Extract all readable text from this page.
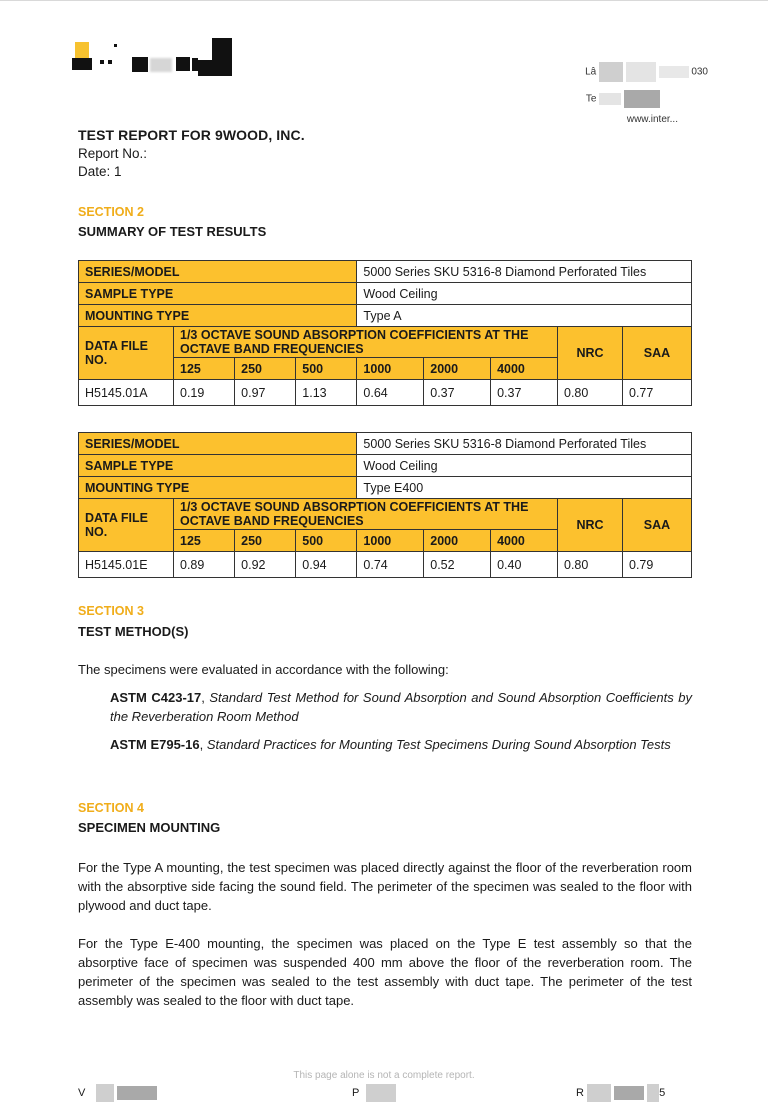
Lâ	030
Te
www.inter...
TEST REPORT FOR 9WOOD, INC.
Report No.:
Date: 1
SECTION 2
SUMMARY OF TEST RESULTS
SERIES/MODEL				5000 Series SKU 5316-8 Diamond Perforated Tiles				
SAMPLE TYPE				Wood Ceiling				
MOUNTING TYPE				Type A				
DATA FILE NO.	1/3 OCTAVE SOUND ABSORPTION COEFFICIENTS AT THE OCTAVE BAND FREQUENCIES						NRC	SAA
	125	250	500	1000	2000	4000		
H5145.01A	0.19	0.97	1.13	0.64	0.37	0.37	0.80	0.77
SERIES/MODEL				5000 Series SKU 5316-8 Diamond Perforated Tiles				
SAMPLE TYPE				Wood Ceiling				
MOUNTING TYPE				Type E400				
DATA FILE NO.	1/3 OCTAVE SOUND ABSORPTION COEFFICIENTS AT THE OCTAVE BAND FREQUENCIES						NRC	SAA
	125	250	500	1000	2000	4000		
H5145.01E	0.89	0.92	0.94	0.74	0.52	0.40	0.80	0.79
SECTION 3
TEST METHOD(S)
The specimens were evaluated in accordance with the following:
ASTM C423-17, Standard Test Method for Sound Absorption and Sound Absorption Coefficients by the Reverberation Room Method
ASTM E795-16, Standard Practices for Mounting Test Specimens During Sound Absorption Tests
SECTION 4
SPECIMEN MOUNTING
For the Type A mounting, the test specimen was placed directly against the floor of the reverberation room with the absorptive side facing the sound field. The perimeter of the specimen was sealed to the floor with plywood and duct tape.
For the Type E-400 mounting, the specimen was placed on the Type E test assembly so that the absorptive face of specimen was suspended 400 mm above the floor of the reverberation room. The perimeter of the specimen was sealed to the test assembly with duct tape. The perimeter of the test assembly was sealed to the floor with duct tape.
This page alone is not a complete report.
V	P	R	5
